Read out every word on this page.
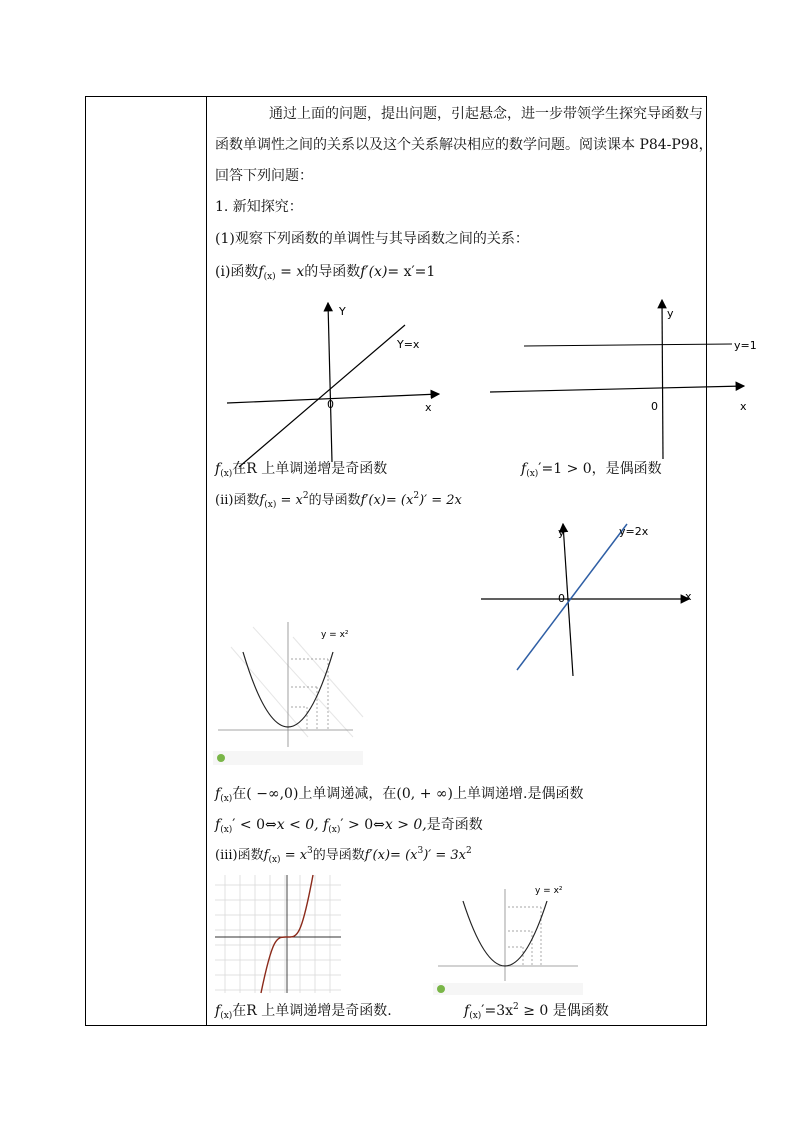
通过上面的问题，提出问题，引起悬念，进一步带领学生探究导函数与
函数单调性之间的关系以及这个关系解决相应的数学问题。阅读课本 P84-P98，
回答下列问题：
1. 新知探究：
(1)观察下列函数的单调性与其导函数之间的关系：
(i)函数$f_{(x)} = x$的导函数f′(x)= x′=1
Y
x
0
Y=x
y
x
0
y=1
$f_{(x)}$在R 上单调递增是奇函数	$f_{(x)}'=1 > 0$，是偶函数
(ii)函数$f_{(x)} = x^2$的导函数$f'(x)= (x^2)' = 2x$
y
x
0
y=2x
y = x²
$f_{(x)}$在( −∞,0)上单调递减，在(0, + ∞)上单调递增.是偶函数
$f_{(x)}'$ < 0⇔x < 0, $f_{(x)}'$ > 0⇔x > 0,是奇函数
(iii)函数$f_{(x)} = x^3$的导函数$f'(x)= (x^3)' = 3x^2$
y = x²
$f_{(x)}$在R 上单调递增是奇函数.	$f_{(x)}'=3x^2 \ge 0$ 是偶函数
